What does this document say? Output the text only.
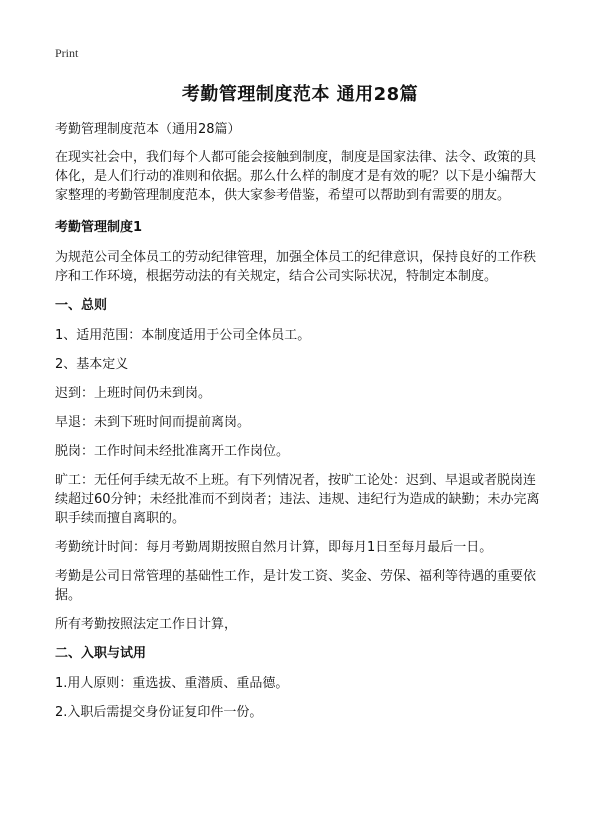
Print
考勤管理制度范本 通用28篇

考勤管理制度范本（通用28篇）

在现实社会中，我们每个人都可能会接触到制度，制度是国家法律、法令、政策的具体化，是人们行动的准则和依据。那么什么样的制度才是有效的呢？以下是小编帮大家整理的考勤管理制度范本，供大家参考借鉴，希望可以帮助到有需要的朋友。

考勤管理制度1

为规范公司全体员工的劳动纪律管理，加强全体员工的纪律意识，保持良好的工作秩序和工作环境，根据劳动法的有关规定，结合公司实际状况，特制定本制度。

一、总则

1、适用范围：本制度适用于公司全体员工。

2、基本定义

迟到：上班时间仍未到岗。

早退：未到下班时间而提前离岗。

脱岗：工作时间未经批准离开工作岗位。

旷工：无任何手续无故不上班。有下列情况者，按旷工论处：迟到、早退或者脱岗连续超过60分钟；未经批准而不到岗者；违法、违规、违纪行为造成的缺勤；未办完离职手续而擅自离职的。

考勤统计时间：每月考勤周期按照自然月计算，即每月1日至每月最后一日。

考勤是公司日常管理的基础性工作，是计发工资、奖金、劳保、福利等待遇的重要依据。

所有考勤按照法定工作日计算，

二、入职与试用

1.用人原则：重选拔、重潜质、重品德。

2.入职后需提交身份证复印件一份。
